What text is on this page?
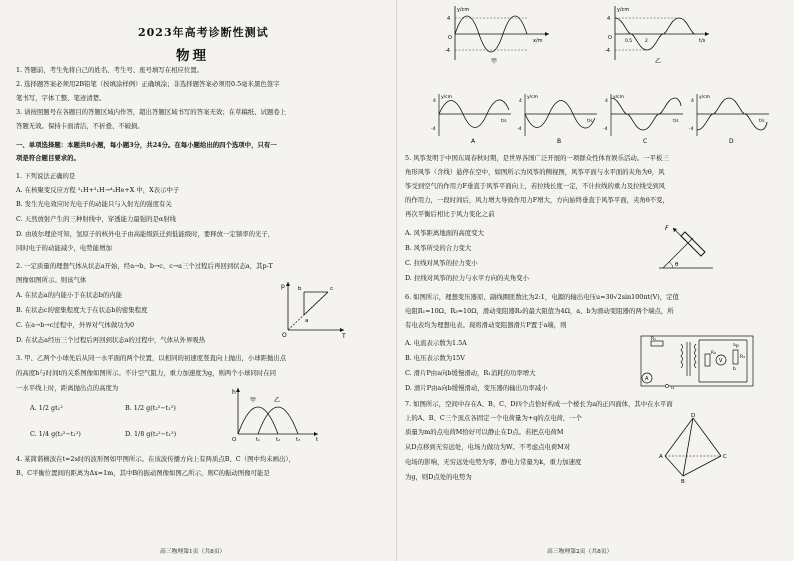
2023年高考诊断性测试
物理
1. 答题前，考生先将自己的姓名、考生号、座号填写在相应位置。
2. 选择题答案必须用2B铅笔（按填涂样例）正确填涂；非选择题答案必须用0.5毫米黑色签字
笔书写，字体工整、笔迹清楚。
3. 请按照题号在各题目的答题区域内作答，超出答题区域书写的答案无效；在草稿纸、试题卷上
答题无效。保持卡面清洁，不折叠、不破损。
一、单项选择题：本题共8小题，每小题3分，共24分。在每小题给出的四个选项中，只有一
项是符合题目要求的。
1. 下列说法正确的是
A. 在核聚变反应方程 ²₁H+³₁H→⁴₂He+X 中，X表示中子
B. 发生光电效应时光电子的动能只与入射光的强度有关
C. 天然放射产生的三种射线中，穿透能力最强的是α射线
D. 由玻尔理论可知，氢原子的核外电子由高能级跃迁到低能级时，要释放一定频率的光子，
同时电子的动能减少，电势能增加
2. 一定质量的理想气体从状态a开始，经a→b、b→c、c→a三个过程后再回到状态a，其p-T
图像如图所示。则该气体
A. 在状态a的内能小于在状态b的内能
B. 在状态c的密集程度大于在状态b的密集程度
C. 在a→b→c过程中，外界对气体做功为0
D. 在状态a经历三个过程后再回到状态a的过程中，气体从外界吸热
p
T
O
a
b	c
3. 甲、乙两个小球先后从同一水平面的两个位置，以相同的初速度竖直向上抛出，小球距抛出点
的高度h与时间t的关系图像如图所示。不计空气阻力，重力加速度为g，则两个小球同时在同
一水平线上时，距离抛出点的高度为
A. 1/2 gt₁²	B. 1/2 g(t₂²−t₁²)
C. 1/4 g(t₂²−t₁²)	D. 1/8 g(t₂²−t₁²)
h
甲	乙
O	t₁	t₂	t₃	t
4. 某简谐横波在t=2s时的波形图如甲图所示。在该波传播方向上有两质点B、C（图中均未画出），
B、C平衡位置间的距离为Δx=1m，其中B的振动图像如图乙所示，则C的振动图像可能是
高三物理第1页（共8页）
y/cm
4
-4
O	x/m
甲
y/cm
4
-4
O
0.5	2	t/s
乙
y/cm
4
-4
t/s
A
y/cm
4
-4
t/s
B
y/cm
4
-4
t/s
C
y/cm
4
-4
t/s
D
5. 风筝发明于中国东周春秋时期，是世界各国广泛开展的一项群众性体育娱乐活动。一平板三
角形风筝（含线）悬停在空中，如图所示为风筝的侧视图，风筝平面与水平面的夹角为θ，风
筝受到空气的作用力F垂直于风筝平面向上，若拉线长度一定，不计拉线的重力及拉线受到风
的作用力，一段时间后，风力增大导致作用力F增大，方向始终垂直于风筝平面，夹角θ不变，
再次平衡后相比于风力变化之前
A. 风筝距离地面的高度变大
B. 风筝所受的合力变大
C. 拉线对风筝的拉力变小
D. 拉线对风筝的拉力与水平方向的夹角变小
F
θ
6. 如图所示，理想变压器原、副线圈匝数比为2:1，电源的输出电压u=30√2sin100πt(V)，定值
电阻R₁=10Ω、R₃=10Ω，滑动变阻器R₂的最大阻值为4Ω，a、b为滑动变阻器的两个端点，所
有电表均为理想电表。现将滑动变阻器滑片P置于a端，则
A. 电流表示数为1.5A
B. 电压表示数为15V
C. 滑片P由a向b缓慢滑动，R₁消耗的功率增大
D. 滑片P由a向b缓慢滑动，变压器的输出功率减小
R₁
R₂
R₃
A
V
P
a
b
u
7. 如图所示，空间中存在A、B、C、D四个点恰好构成一个棱长为a的正四面体，其中在水平面
上的A、B、C三个顶点各固定一个电荷量为+q的点电荷，一个
质量为m的点电荷M恰好可以静止在D点。若把点电荷M
从D点移到无穷远处，电场力做功为W。不考虑点电荷M对
电场的影响，无穷远处电势为零，静电力常量为k，重力加速度
为g，则D点处的电势为
D
A	C
B
高三物理第2页（共8页）
